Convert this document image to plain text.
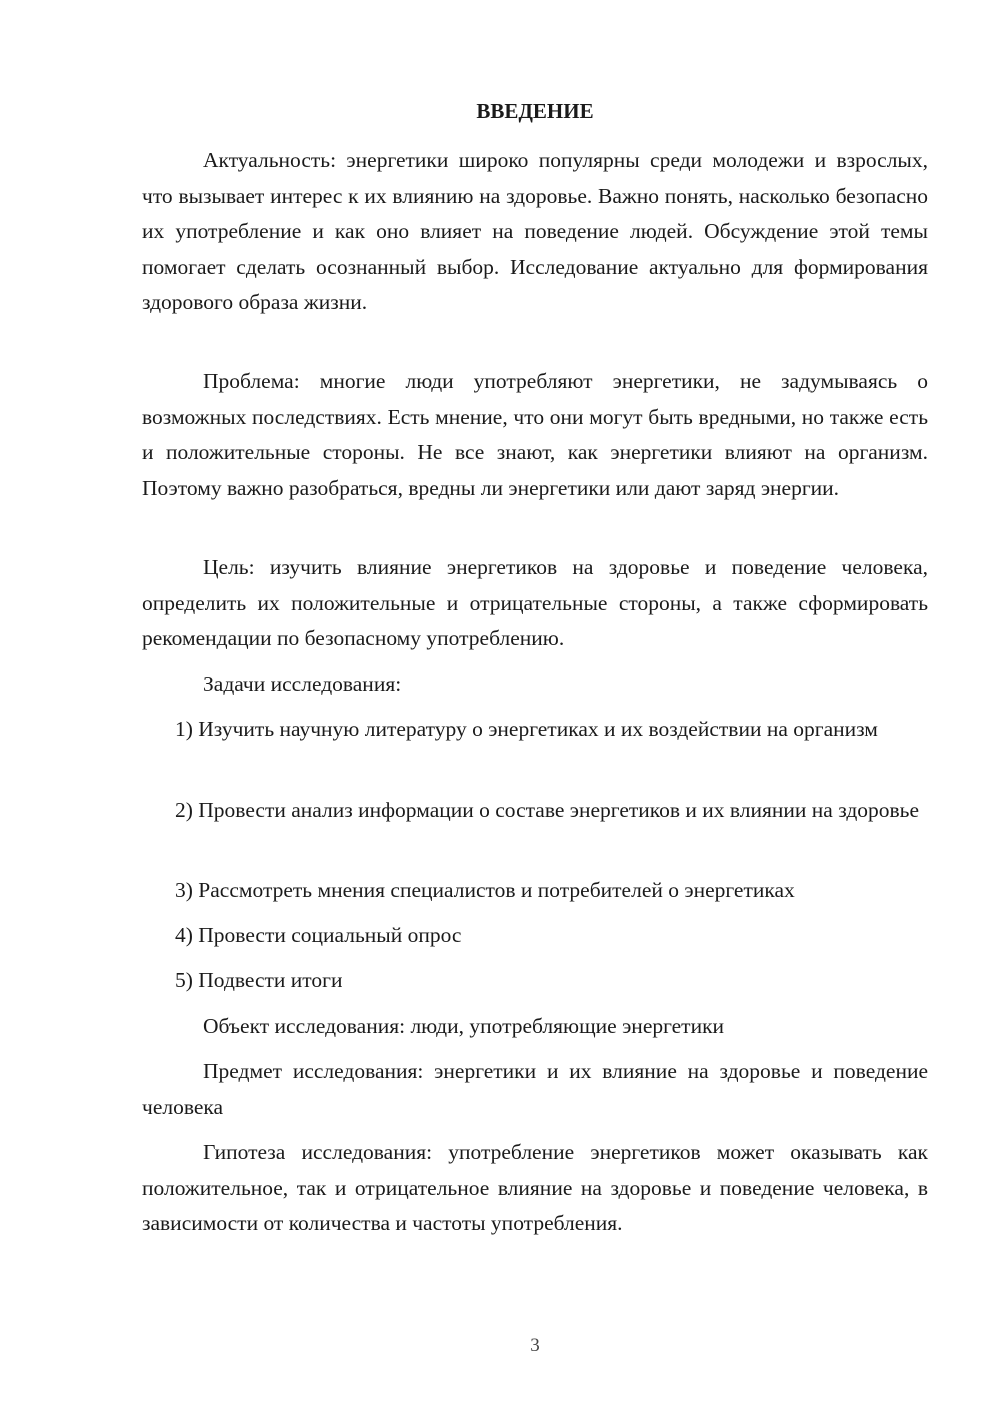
ВВЕДЕНИЕ

Актуальность: энергетики широко популярны среди молодежи и взрослых, что вызывает интерес к их влиянию на здоровье. Важно понять, насколько безопасно их употребление и как оно влияет на поведение людей. Обсуждение этой темы помогает сделать осознанный выбор. Исследование актуально для формирования здорового образа жизни.

Проблема: многие люди употребляют энергетики, не задумываясь о возможных последствиях. Есть мнение, что они могут быть вредными, но также есть и положительные стороны. Не все знают, как энергетики влияют на организм. Поэтому важно разобраться, вредны ли энергетики или дают заряд энергии.

Цель: изучить влияние энергетиков на здоровье и поведение человека, определить их положительные и отрицательные стороны, а также сформировать рекомендации по безопасному употреблению.

Задачи исследования:

1) Изучить научную литературу о энергетиках и их воздействии на организм

2) Провести анализ информации о составе энергетиков и их влиянии на здоровье

3) Рассмотреть мнения специалистов и потребителей о энергетиках

4) Провести социальный опрос

5) Подвести итоги

Объект исследования: люди, употребляющие энергетики

Предмет исследования: энергетики и их влияние на здоровье и поведение человека

Гипотеза исследования: употребление энергетиков может оказывать как положительное, так и отрицательное влияние на здоровье и поведение человека, в зависимости от количества и частоты употребления.

3
